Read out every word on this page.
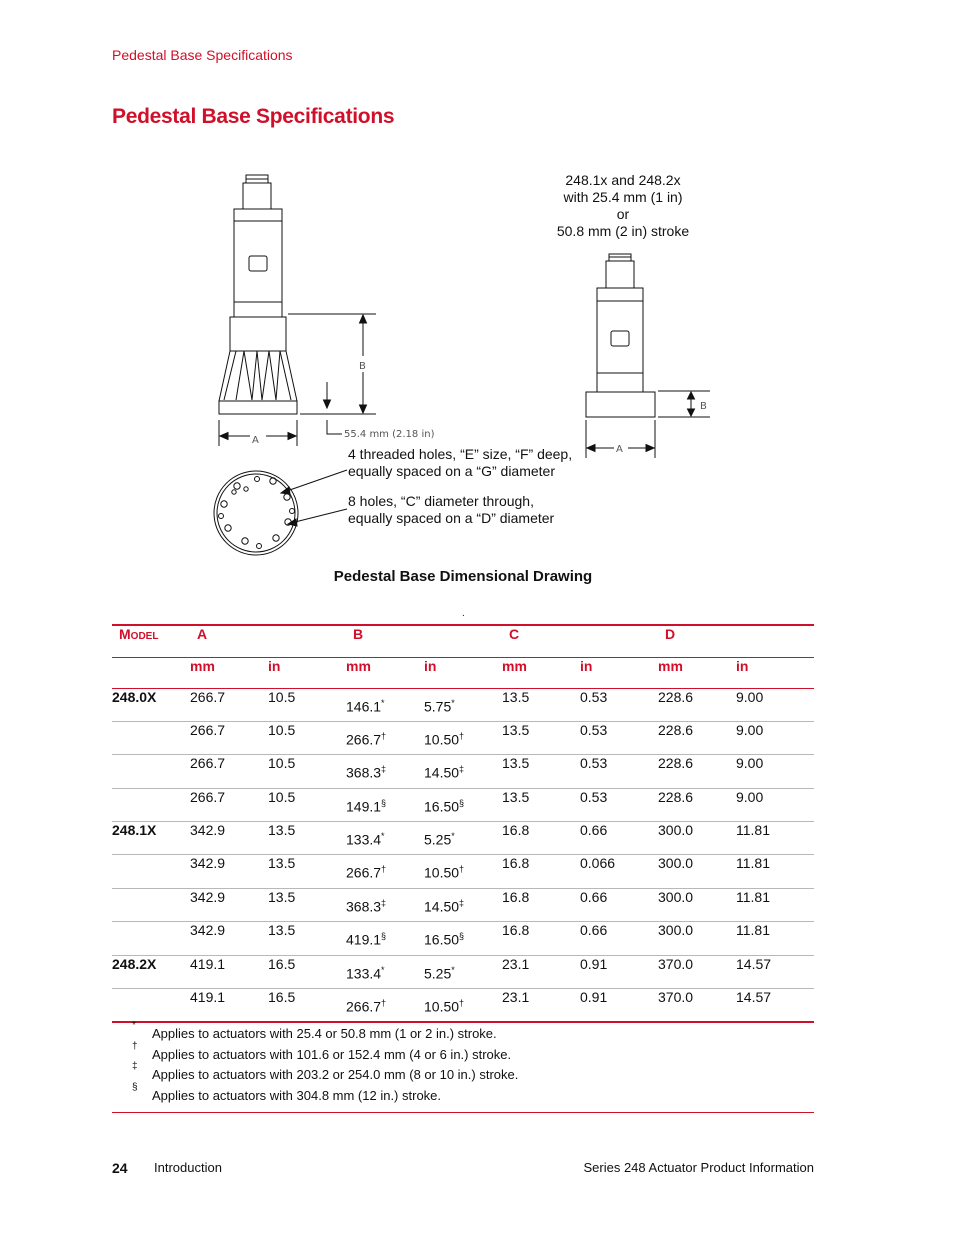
Pedestal Base Specifications
Pedestal Base Specifications
B
A
55.4 mm (2.18 in)
B
A
248.1x and 248.2x
with 25.4 mm (1 in)
or
50.8 mm (2 in) stroke
4 threaded holes, “E” size, “F” deep,
equally spaced on a “G” diameter
8 holes, “C” diameter through,
equally spaced on a “D” diameter
Pedestal Base Dimensional Drawing
.
Model	A		B		C		D	
	mm	in	mm	in	mm	in	mm	in
248.0X	266.7	10.5	146.1*	5.75*	13.5	0.53	228.6	9.00
	266.7	10.5	266.7†	10.50†	13.5	0.53	228.6	9.00
	266.7	10.5	368.3‡	14.50‡	13.5	0.53	228.6	9.00
	266.7	10.5	149.1§	16.50§	13.5	0.53	228.6	9.00
248.1X	342.9	13.5	133.4*	5.25*	16.8	0.66	300.0	11.81
	342.9	13.5	266.7†	10.50†	16.8	0.066	300.0	11.81
	342.9	13.5	368.3‡	14.50‡	16.8	0.66	300.0	11.81
	342.9	13.5	419.1§	16.50§	16.8	0.66	300.0	11.81
248.2X	419.1	16.5	133.4*	5.25*	23.1	0.91	370.0	14.57
	419.1	16.5	266.7†	10.50†	23.1	0.91	370.0	14.57
*
Applies to actuators with 25.4 or 50.8 mm (1 or 2 in.) stroke.
†
Applies to actuators with 101.6 or 152.4 mm (4 or 6 in.) stroke.
‡
Applies to actuators with 203.2 or 254.0 mm (8 or 10 in.) stroke.
§
Applies to actuators with 304.8 mm (12 in.) stroke.
24 Introduction	Series 248 Actuator Product Information
